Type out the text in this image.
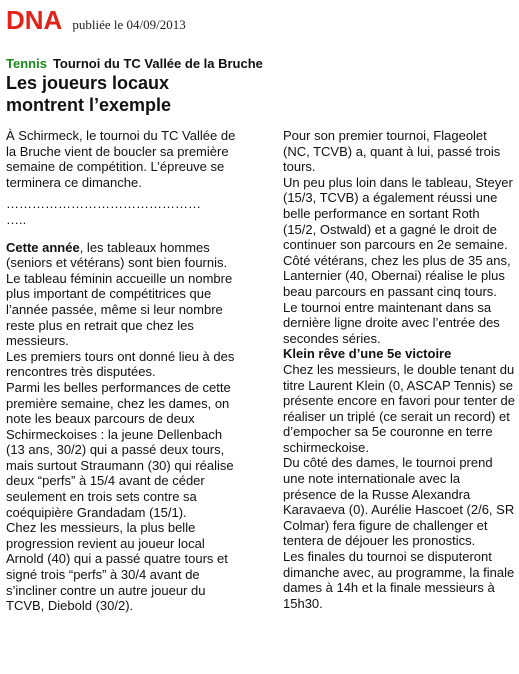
DNA publiée le 04/09/2013
Tennis Tournoi du TC Vallée de la Bruche
Les joueurs locaux
montrent l’exemple

À Schirmeck, le tournoi du TC Vallée de la Bruche vient de boucler sa première semaine de compétition. L’épreuve se terminera ce dimanche.

………………………………………
…..

Cette année, les tableaux hommes (seniors et vétérans) sont bien fournis. Le tableau féminin accueille un nombre plus important de compétitrices que l’année passée, même si leur nombre reste plus en retrait que chez les messieurs.

Les premiers tours ont donné lieu à des rencontres très disputées.

Parmi les belles performances de cette première semaine, chez les dames, on note les beaux parcours de deux Schirmeckoises : la jeune Dellenbach (13 ans, 30/2) qui a passé deux tours, mais surtout Straumann (30) qui réalise deux “perfs” à 15/4 avant de céder seulement en trois sets contre sa coéquipière Grandadam (15/1).

Chez les messieurs, la plus belle progression revient au joueur local Arnold (40) qui a passé quatre tours et signé trois “perfs” à 30/4 avant de s’incliner contre un autre joueur du TCVB, Diebold (30/2).

Pour son premier tournoi, Flageolet (NC, TCVB) a, quant à lui, passé trois tours.

Un peu plus loin dans le tableau, Steyer (15/3, TCVB) a également réussi une belle performance en sortant Roth (15/2, Ostwald) et a gagné le droit de continuer son parcours en 2e semaine.

Côté vétérans, chez les plus de 35 ans, Lanternier (40, Obernai) réalise le plus beau parcours en passant cinq tours.

Le tournoi entre maintenant dans sa dernière ligne droite avec l’entrée des secondes séries.

Klein rêve d’une 5e victoire

Chez les messieurs, le double tenant du titre Laurent Klein (0, ASCAP Tennis) se présente encore en favori pour tenter de réaliser un triplé (ce serait un record) et d’empocher sa 5e couronne en terre schirmeckoise.

Du côté des dames, le tournoi prend une note internationale avec la présence de la Russe Alexandra Karavaeva (0). Aurélie Hascoet (2/6, SR Colmar) fera figure de challenger et tentera de déjouer les pronostics.

Les finales du tournoi se disputeront dimanche avec, au programme, la finale dames à 14h et la finale messieurs à 15h30.
